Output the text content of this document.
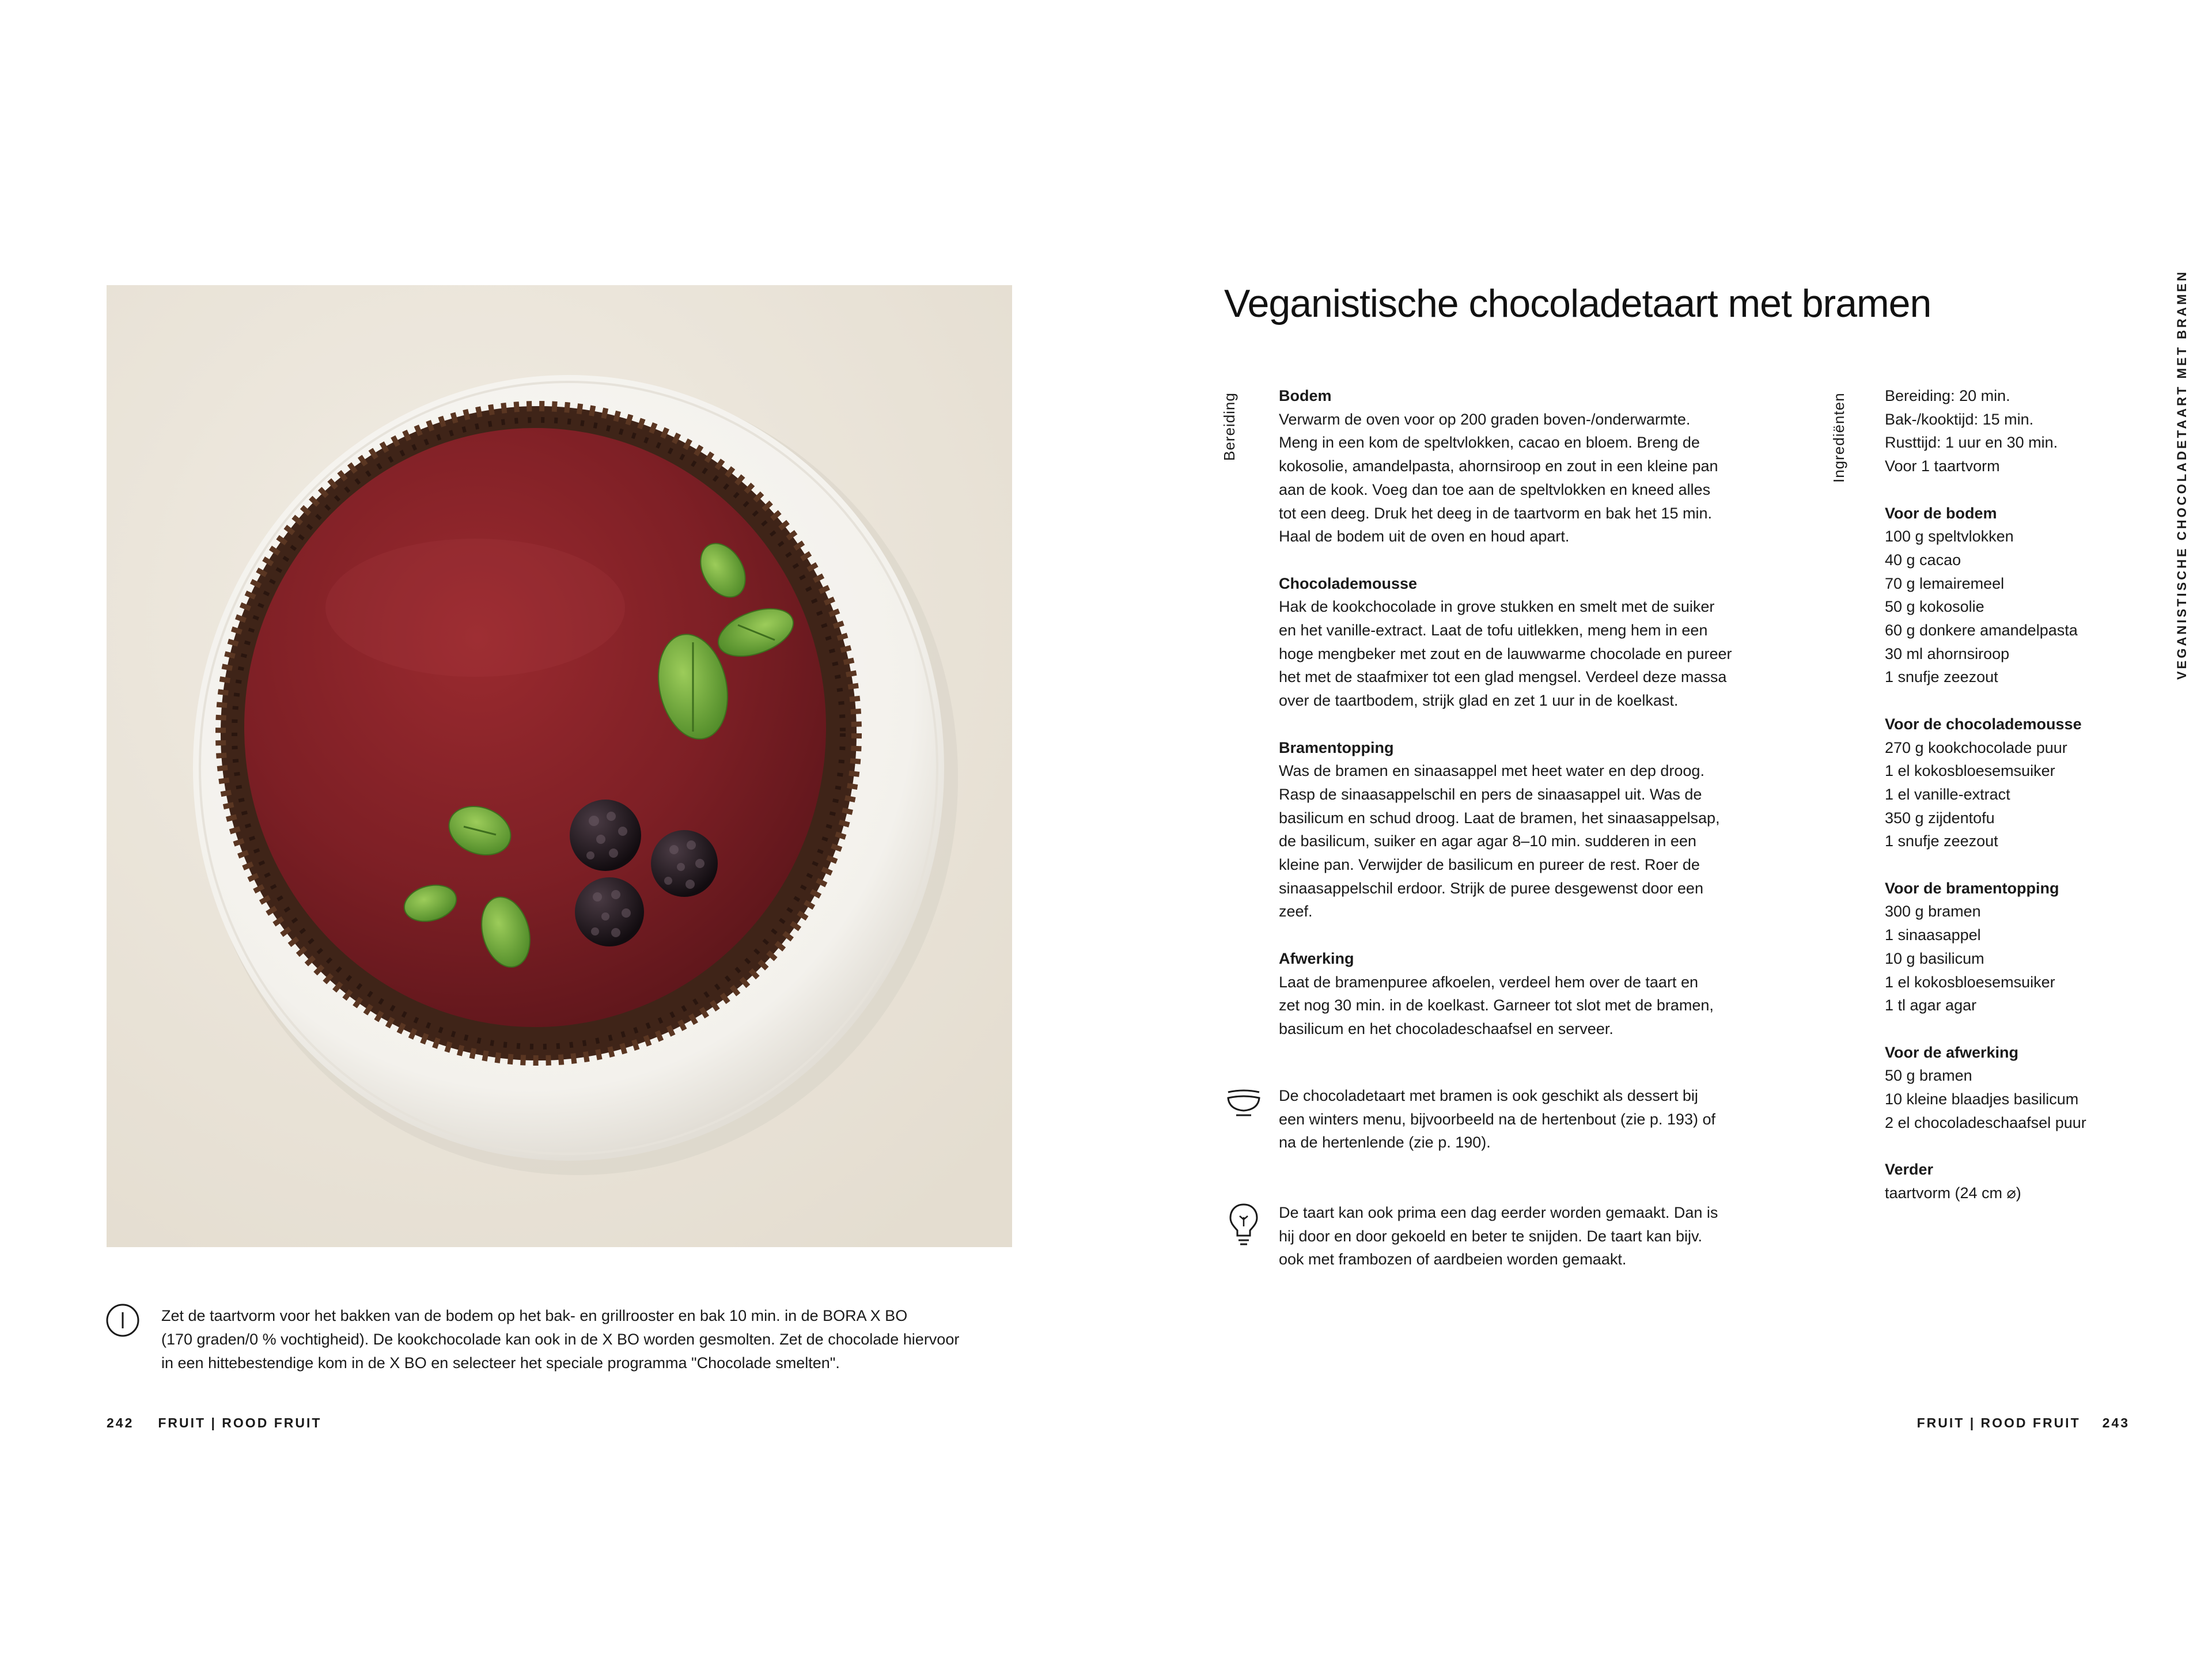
Zet de taartvorm voor het bakken van de bodem op het bak- en grillrooster en bak 10 min. in de BORA X BO
(170 graden/0 % vochtigheid). De kookchocolade kan ook in de X BO worden gesmolten. Zet de chocolade hiervoor
in een hittebestendige kom in de X BO en selecteer het speciale programma "Chocolade smelten".
242 FRUIT | ROOD FRUIT
Veganistische chocoladetaart met bramen	VEGANISTISCHE CHOCOLADETAART MET BRAMEN
Bereiding	Ingrediënten
Bodem
Verwarm de oven voor op 200 graden boven-/onderwarmte.
Meng in een kom de speltvlokken, cacao en bloem. Breng de
kokosolie, amandelpasta, ahornsiroop en zout in een kleine pan
aan de kook. Voeg dan toe aan de speltvlokken en kneed alles
tot een deeg. Druk het deeg in de taartvorm en bak het 15 min.
Haal de bodem uit de oven en houd apart.
Chocolademousse
Hak de kookchocolade in grove stukken en smelt met de suiker
en het vanille-extract. Laat de tofu uitlekken, meng hem in een
hoge mengbeker met zout en de lauwwarme chocolade en pureer
het met de staafmixer tot een glad mengsel. Verdeel deze massa
over de taartbodem, strijk glad en zet 1 uur in de koelkast.
Bramentopping
Was de bramen en sinaasappel met heet water en dep droog.
Rasp de sinaasappelschil en pers de sinaasappel uit. Was de
basilicum en schud droog. Laat de bramen, het sinaasappelsap,
de basilicum, suiker en agar agar 8–10 min. sudderen in een
kleine pan. Verwijder de basilicum en pureer de rest. Roer de
sinaasappelschil erdoor. Strijk de puree desgewenst door een
zeef.
Afwerking
Laat de bramenpuree afkoelen, verdeel hem over de taart en
zet nog 30 min. in de koelkast. Garneer tot slot met de bramen,
basilicum en het chocoladeschaafsel en serveer.
De chocoladetaart met bramen is ook geschikt als dessert bij
een winters menu, bijvoorbeeld na de hertenbout (zie p. 193) of
na de hertenlende (zie p. 190).
De taart kan ook prima een dag eerder worden gemaakt. Dan is
hij door en door gekoeld en beter te snijden. De taart kan bijv.
ook met frambozen of aardbeien worden gemaakt.
Bereiding: 20 min.
Bak-/kooktijd: 15 min.
Rusttijd: 1 uur en 30 min.
Voor 1 taartvorm
Voor de bodem
100 g speltvlokken
40 g cacao
70 g lemairemeel
50 g kokosolie
60 g donkere amandelpasta
30 ml ahornsiroop
1 snufje zeezout
Voor de chocolademousse
270 g kookchocolade puur
1 el kokosbloesemsuiker
1 el vanille-extract
350 g zijdentofu
1 snufje zeezout
Voor de bramentopping
300 g bramen
1 sinaasappel
10 g basilicum
1 el kokosbloesemsuiker
1 tl agar agar
Voor de afwerking
50 g bramen
10 kleine blaadjes basilicum
2 el chocoladeschaafsel puur
Verder
taartvorm (24 cm ⌀)
FRUIT | ROOD FRUIT 243
